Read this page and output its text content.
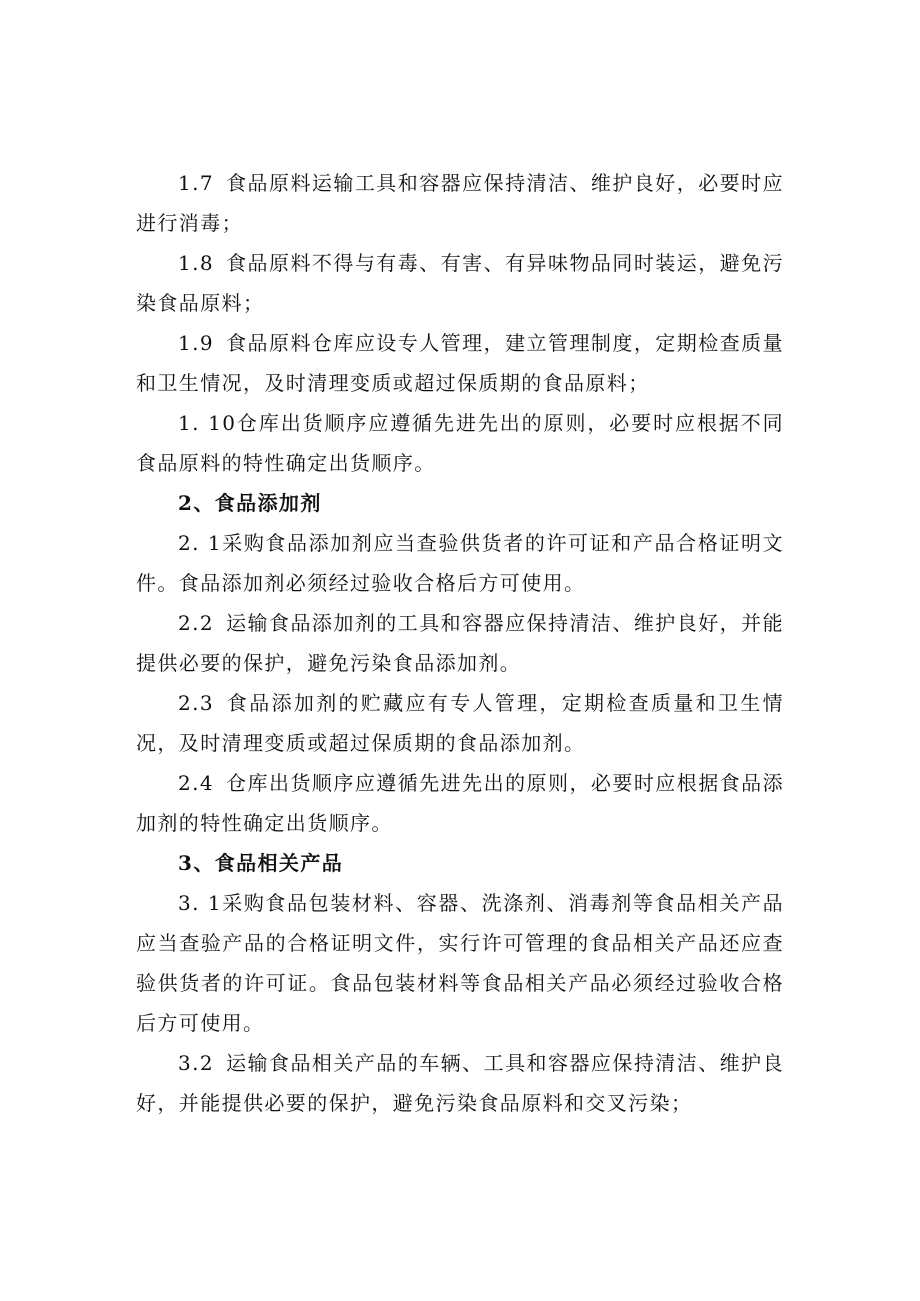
1.7 食品原料运输工具和容器应保持清洁、维护良好，必要时应进行消毒；

1.8 食品原料不得与有毒、有害、有异味物品同时装运，避免污染食品原料；

1.9 食品原料仓库应设专人管理，建立管理制度，定期检查质量和卫生情况，及时清理变质或超过保质期的食品原料；

1. 10仓库出货顺序应遵循先进先出的原则，必要时应根据不同食品原料的特性确定出货顺序。

2、食品添加剂

2. 1采购食品添加剂应当查验供货者的许可证和产品合格证明文件。食品添加剂必须经过验收合格后方可使用。

2.2 运输食品添加剂的工具和容器应保持清洁、维护良好，并能提供必要的保护，避免污染食品添加剂。

2.3 食品添加剂的贮藏应有专人管理，定期检查质量和卫生情况，及时清理变质或超过保质期的食品添加剂。

2.4 仓库出货顺序应遵循先进先出的原则，必要时应根据食品添加剂的特性确定出货顺序。

3、食品相关产品

3. 1采购食品包装材料、容器、洗涤剂、消毒剂等食品相关产品应当查验产品的合格证明文件，实行许可管理的食品相关产品还应查验供货者的许可证。食品包装材料等食品相关产品必须经过验收合格后方可使用。

3.2 运输食品相关产品的车辆、工具和容器应保持清洁、维护良好，并能提供必要的保护，避免污染食品原料和交叉污染；
